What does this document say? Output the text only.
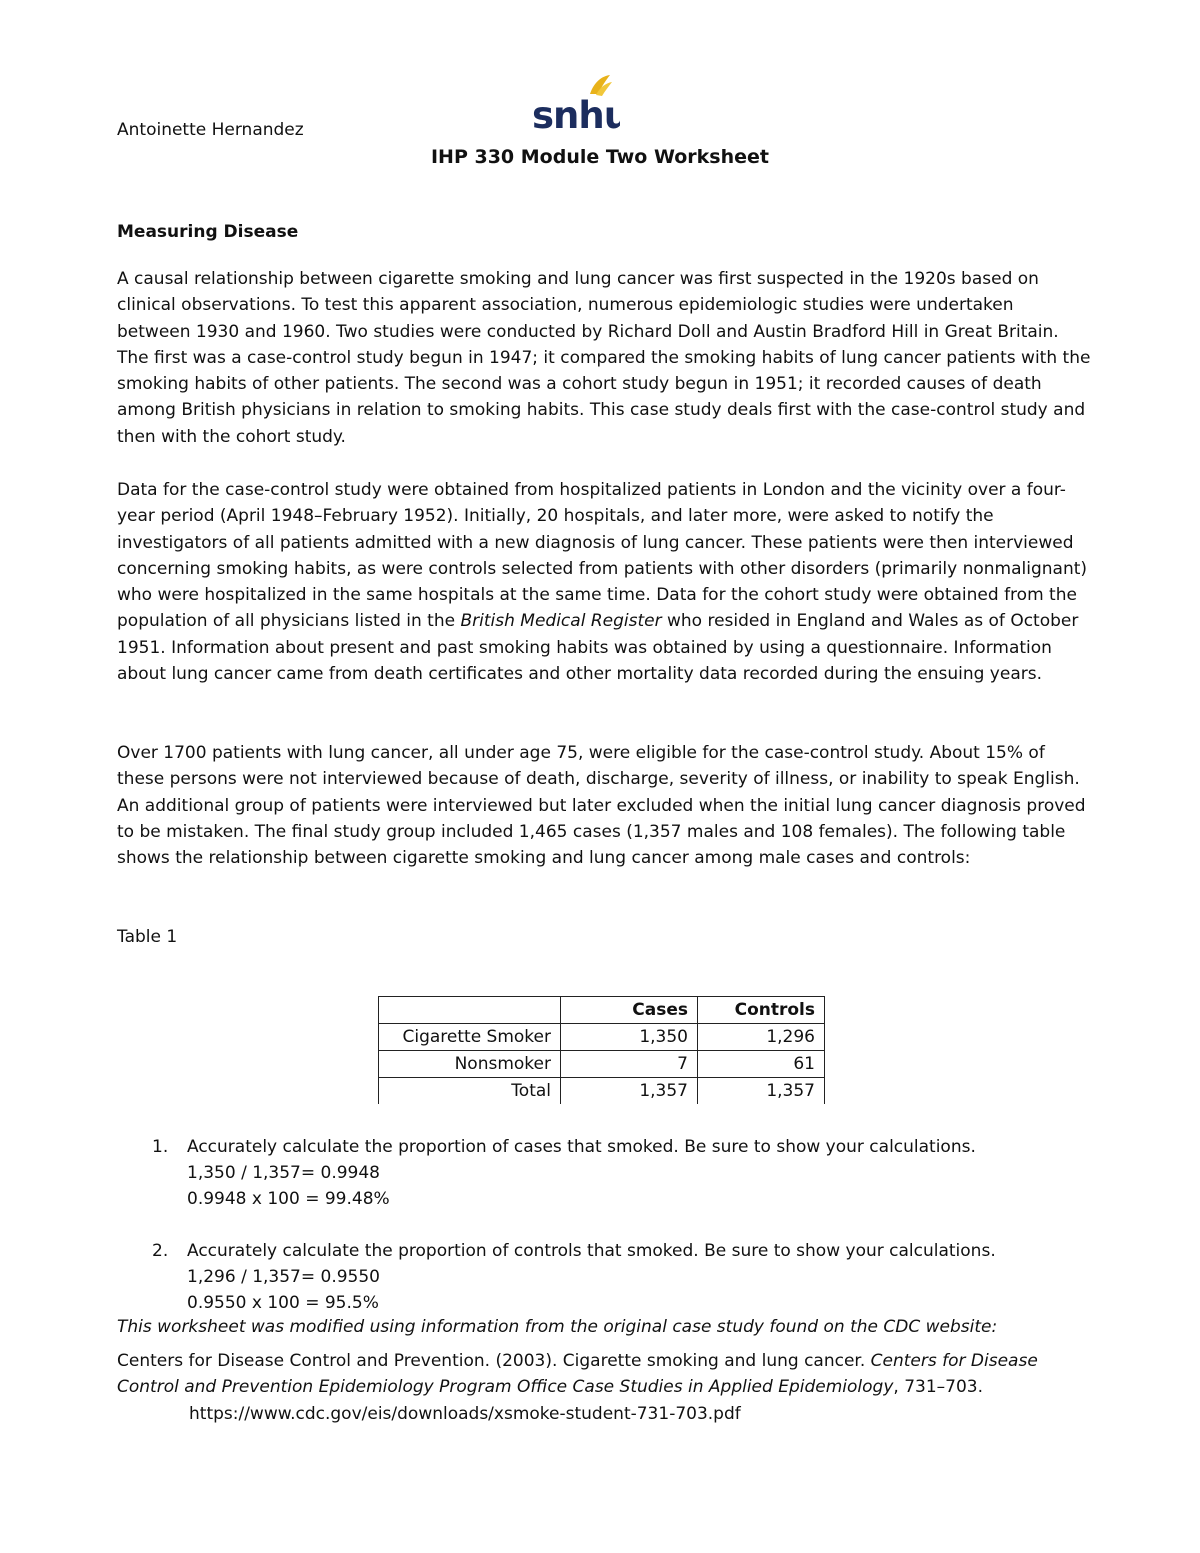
Antoinette Hernandez	snhu
IHP 330 Module Two Worksheet
Measuring Disease
A causal relationship between cigarette smoking and lung cancer was first suspected in the 1920s based on clinical observations. To test this apparent association, numerous epidemiologic studies were undertaken between 1930 and 1960. Two studies were conducted by Richard Doll and Austin Bradford Hill in Great Britain. The first was a case-control study begun in 1947; it compared the smoking habits of lung cancer patients with the smoking habits of other patients. The second was a cohort study begun in 1951; it recorded causes of death among British physicians in relation to smoking habits. This case study deals first with the case-control study and then with the cohort study.
Data for the case-control study were obtained from hospitalized patients in London and the vicinity over a four-year period (April 1948–February 1952). Initially, 20 hospitals, and later more, were asked to notify the investigators of all patients admitted with a new diagnosis of lung cancer. These patients were then interviewed concerning smoking habits, as were controls selected from patients with other disorders (primarily nonmalignant) who were hospitalized in the same hospitals at the same time. Data for the cohort study were obtained from the population of all physicians listed in the British Medical Register who resided in England and Wales as of October 1951. Information about present and past smoking habits was obtained by using a questionnaire. Information about lung cancer came from death certificates and other mortality data recorded during the ensuing years.
Over 1700 patients with lung cancer, all under age 75, were eligible for the case-control study. About 15% of these persons were not interviewed because of death, discharge, severity of illness, or inability to speak English. An additional group of patients were interviewed but later excluded when the initial lung cancer diagnosis proved to be mistaken. The final study group included 1,465 cases (1,357 males and 108 females). The following table shows the relationship between cigarette smoking and lung cancer among male cases and controls:
Table 1
	Cases	Controls
Cigarette Smoker	1,350	1,296
Nonsmoker	7	61
Total	1,357	1,357
1. Accurately calculate the proportion of cases that smoked. Be sure to show your calculations.
1,350 / 1,357= 0.9948
0.9948 x 100 = 99.48%
2. Accurately calculate the proportion of controls that smoked. Be sure to show your calculations.
1,296 / 1,357= 0.9550
0.9550 x 100 = 95.5%
This worksheet was modified using information from the original case study found on the CDC website:
Centers for Disease Control and Prevention. (2003). Cigarette smoking and lung cancer. Centers for Disease Control and Prevention Epidemiology Program Office Case Studies in Applied Epidemiology, 731–703.
https://www.cdc.gov/eis/downloads/xsmoke-student-731-703.pdf
